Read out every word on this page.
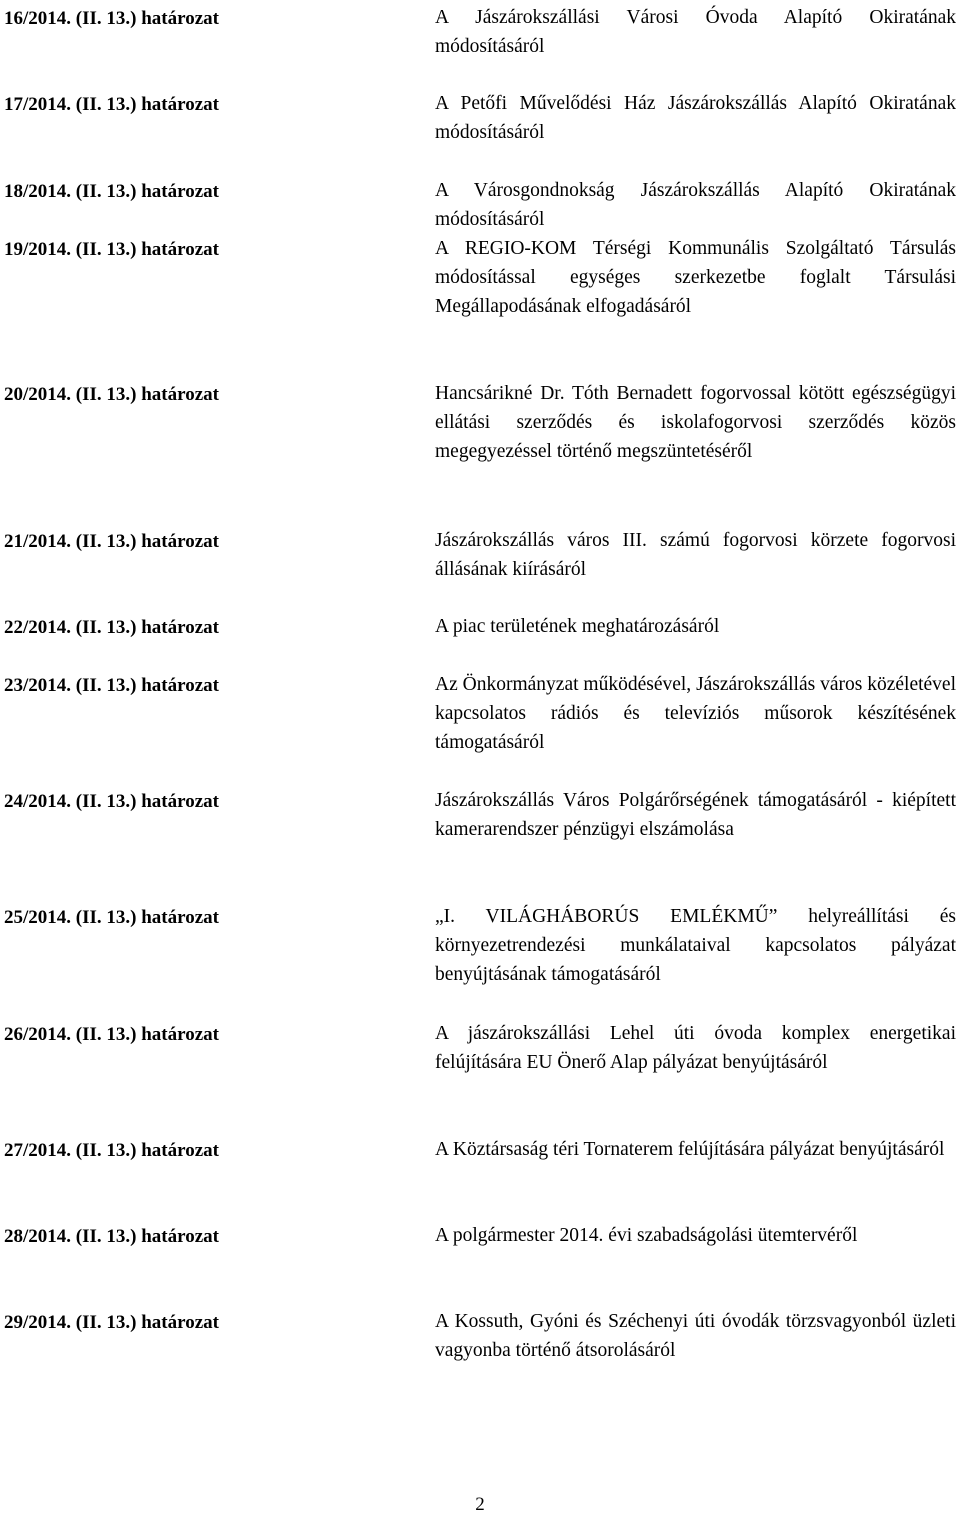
16/2014. (II. 13.) határozat	A Jászárokszállási Városi Óvoda Alapító Okiratának módosításáról
17/2014. (II. 13.) határozat	A Petőfi Művelődési Ház Jászárokszállás Alapító Okiratának módosításáról
18/2014. (II. 13.) határozat	A Városgondnokság Jászárokszállás Alapító Okiratának módosításáról
19/2014. (II. 13.) határozat	A REGIO-KOM Térségi Kommunális Szolgáltató Társulás módosítással egységes szerkezetbe foglalt Társulási Megállapodásának elfogadásáról
20/2014. (II. 13.) határozat	Hancsárikné Dr. Tóth Bernadett fogorvossal kötött egészségügyi ellátási szerződés és iskolafogorvosi szerződés közös megegyezéssel történő megszüntetéséről
21/2014. (II. 13.) határozat	Jászárokszállás város III. számú fogorvosi körzete fogorvosi állásának kiírásáról
22/2014. (II. 13.) határozat	A piac területének meghatározásáról
23/2014. (II. 13.) határozat	Az Önkormányzat működésével, Jászárokszállás város közéletével kapcsolatos rádiós és televíziós műsorok készítésének támogatásáról
24/2014. (II. 13.) határozat	Jászárokszállás Város Polgárőrségének támogatásáról - kiépített kamerarendszer pénzügyi elszámolása
25/2014. (II. 13.) határozat	„I. VILÁGHÁBORÚS EMLÉKMŰ” helyreállítási és környezetrendezési munkálataival kapcsolatos pályázat benyújtásának támogatásáról
26/2014. (II. 13.) határozat	A jászárokszállási Lehel úti óvoda komplex energetikai felújítására EU Önerő Alap pályázat benyújtásáról
27/2014. (II. 13.) határozat	A Köztársaság téri Tornaterem felújítására pályázat benyújtásáról
28/2014. (II. 13.) határozat	A polgármester 2014. évi szabadságolási ütemtervéről
29/2014. (II. 13.) határozat	A Kossuth, Gyóni és Széchenyi úti óvodák törzsvagyonból üzleti vagyonba történő átsorolásáról
2
